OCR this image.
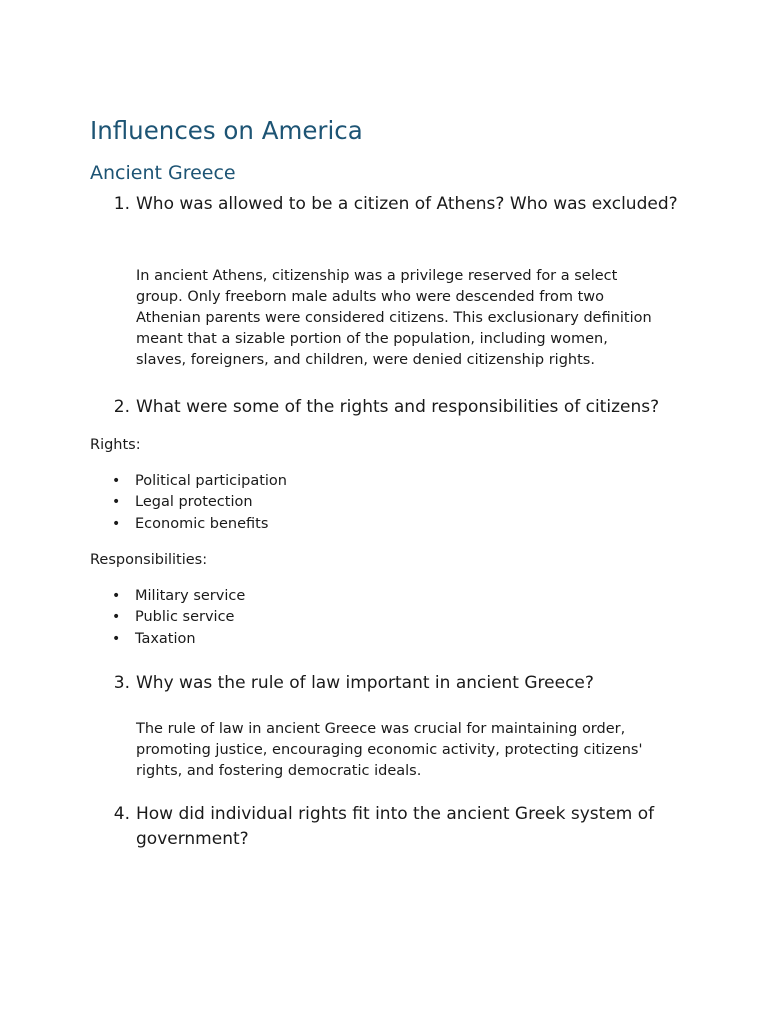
Influences on America
Ancient Greece
1. Who was allowed to be a citizen of Athens? Who was excluded?

In ancient Athens, citizenship was a privilege reserved for a select
group. Only freeborn male adults who were descended from two
Athenian parents were considered citizens. This exclusionary definition
meant that a sizable portion of the population, including women,
slaves, foreigners, and children, were denied citizenship rights.

2. What were some of the rights and responsibilities of citizens?
Rights:
• Political participation
• Legal protection
• Economic benefits
Responsibilities:
• Military service
• Public service
• Taxation
3. Why was the rule of law important in ancient Greece?

The rule of law in ancient Greece was crucial for maintaining order,
promoting justice, encouraging economic activity, protecting citizens'
rights, and fostering democratic ideals.

4. How did individual rights fit into the ancient Greek system of government?
